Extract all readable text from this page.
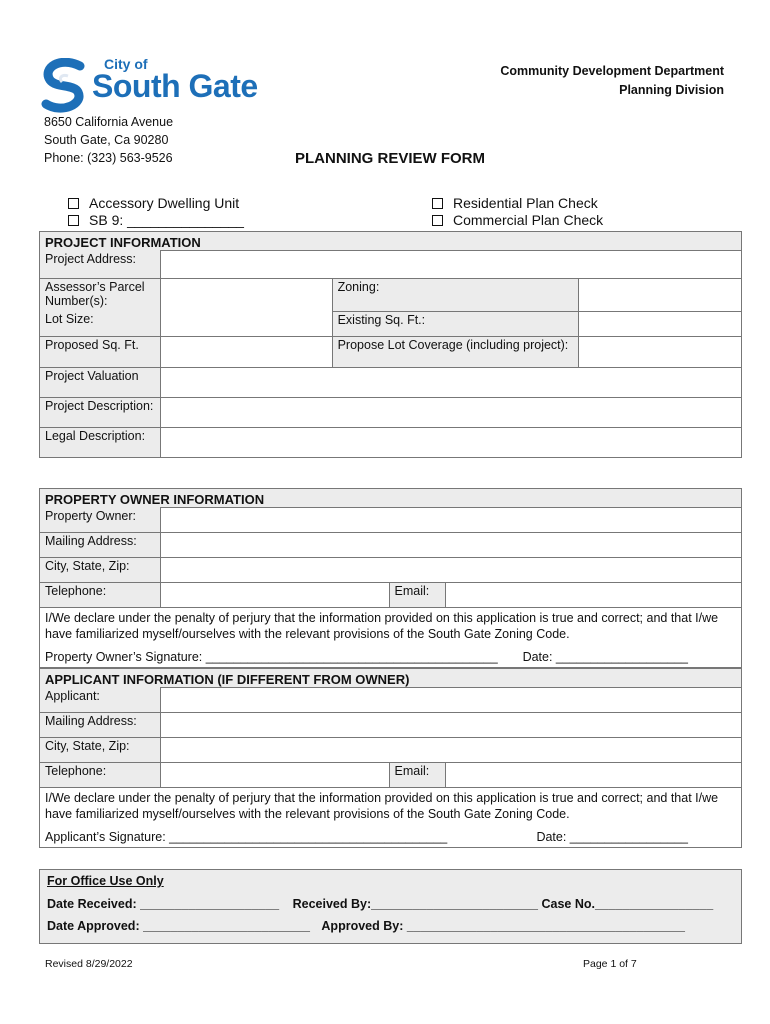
City of
South Gate	Community Development Department
Planning Division
8650 California Avenue
South Gate, Ca 90280
Phone: (323) 563-9526	PLANNING REVIEW FORM
Accessory Dwelling Unit
SB 9: _______________
Residential Plan Check
Commercial Plan Check
PROJECT INFORMATION			
Project Address:			
Assessor’s Parcel Number(s):		Zoning:	
Lot Size:		Existing Sq. Ft.:	
Proposed Sq. Ft.		Propose Lot Coverage (including project):	
Project Valuation			
Project Description:			
Legal Description:			
PROPERTY OWNER INFORMATION			
Property Owner:			
Mailing Address:			
City, State, Zip:			
Telephone:		Email:	

I/We declare under the penalty of perjury that the information provided on this application is true and correct; and that I/we have familiarized myself/ourselves with the relevant provisions of the South Gate Zoning Code.
Property Owner’s Signature: __________________________________________ Date: ___________________			
APPLICANT INFORMATION (IF DIFFERENT FROM OWNER)			
Applicant:			
Mailing Address:			
City, State, Zip:			
Telephone:		Email:	

I/We declare under the penalty of perjury that the information provided on this application is true and correct; and that I/we have familiarized myself/ourselves with the relevant provisions of the South Gate Zoning Code.
Applicant’s Signature: ________________________________________ Date: _________________			
For Office Use Only
Date Received: ____________________ Received By:________________________ Case No._________________
Date Approved: ________________________ Approved By: ________________________________________
Revised 8/29/2022	Page 1 of 7
